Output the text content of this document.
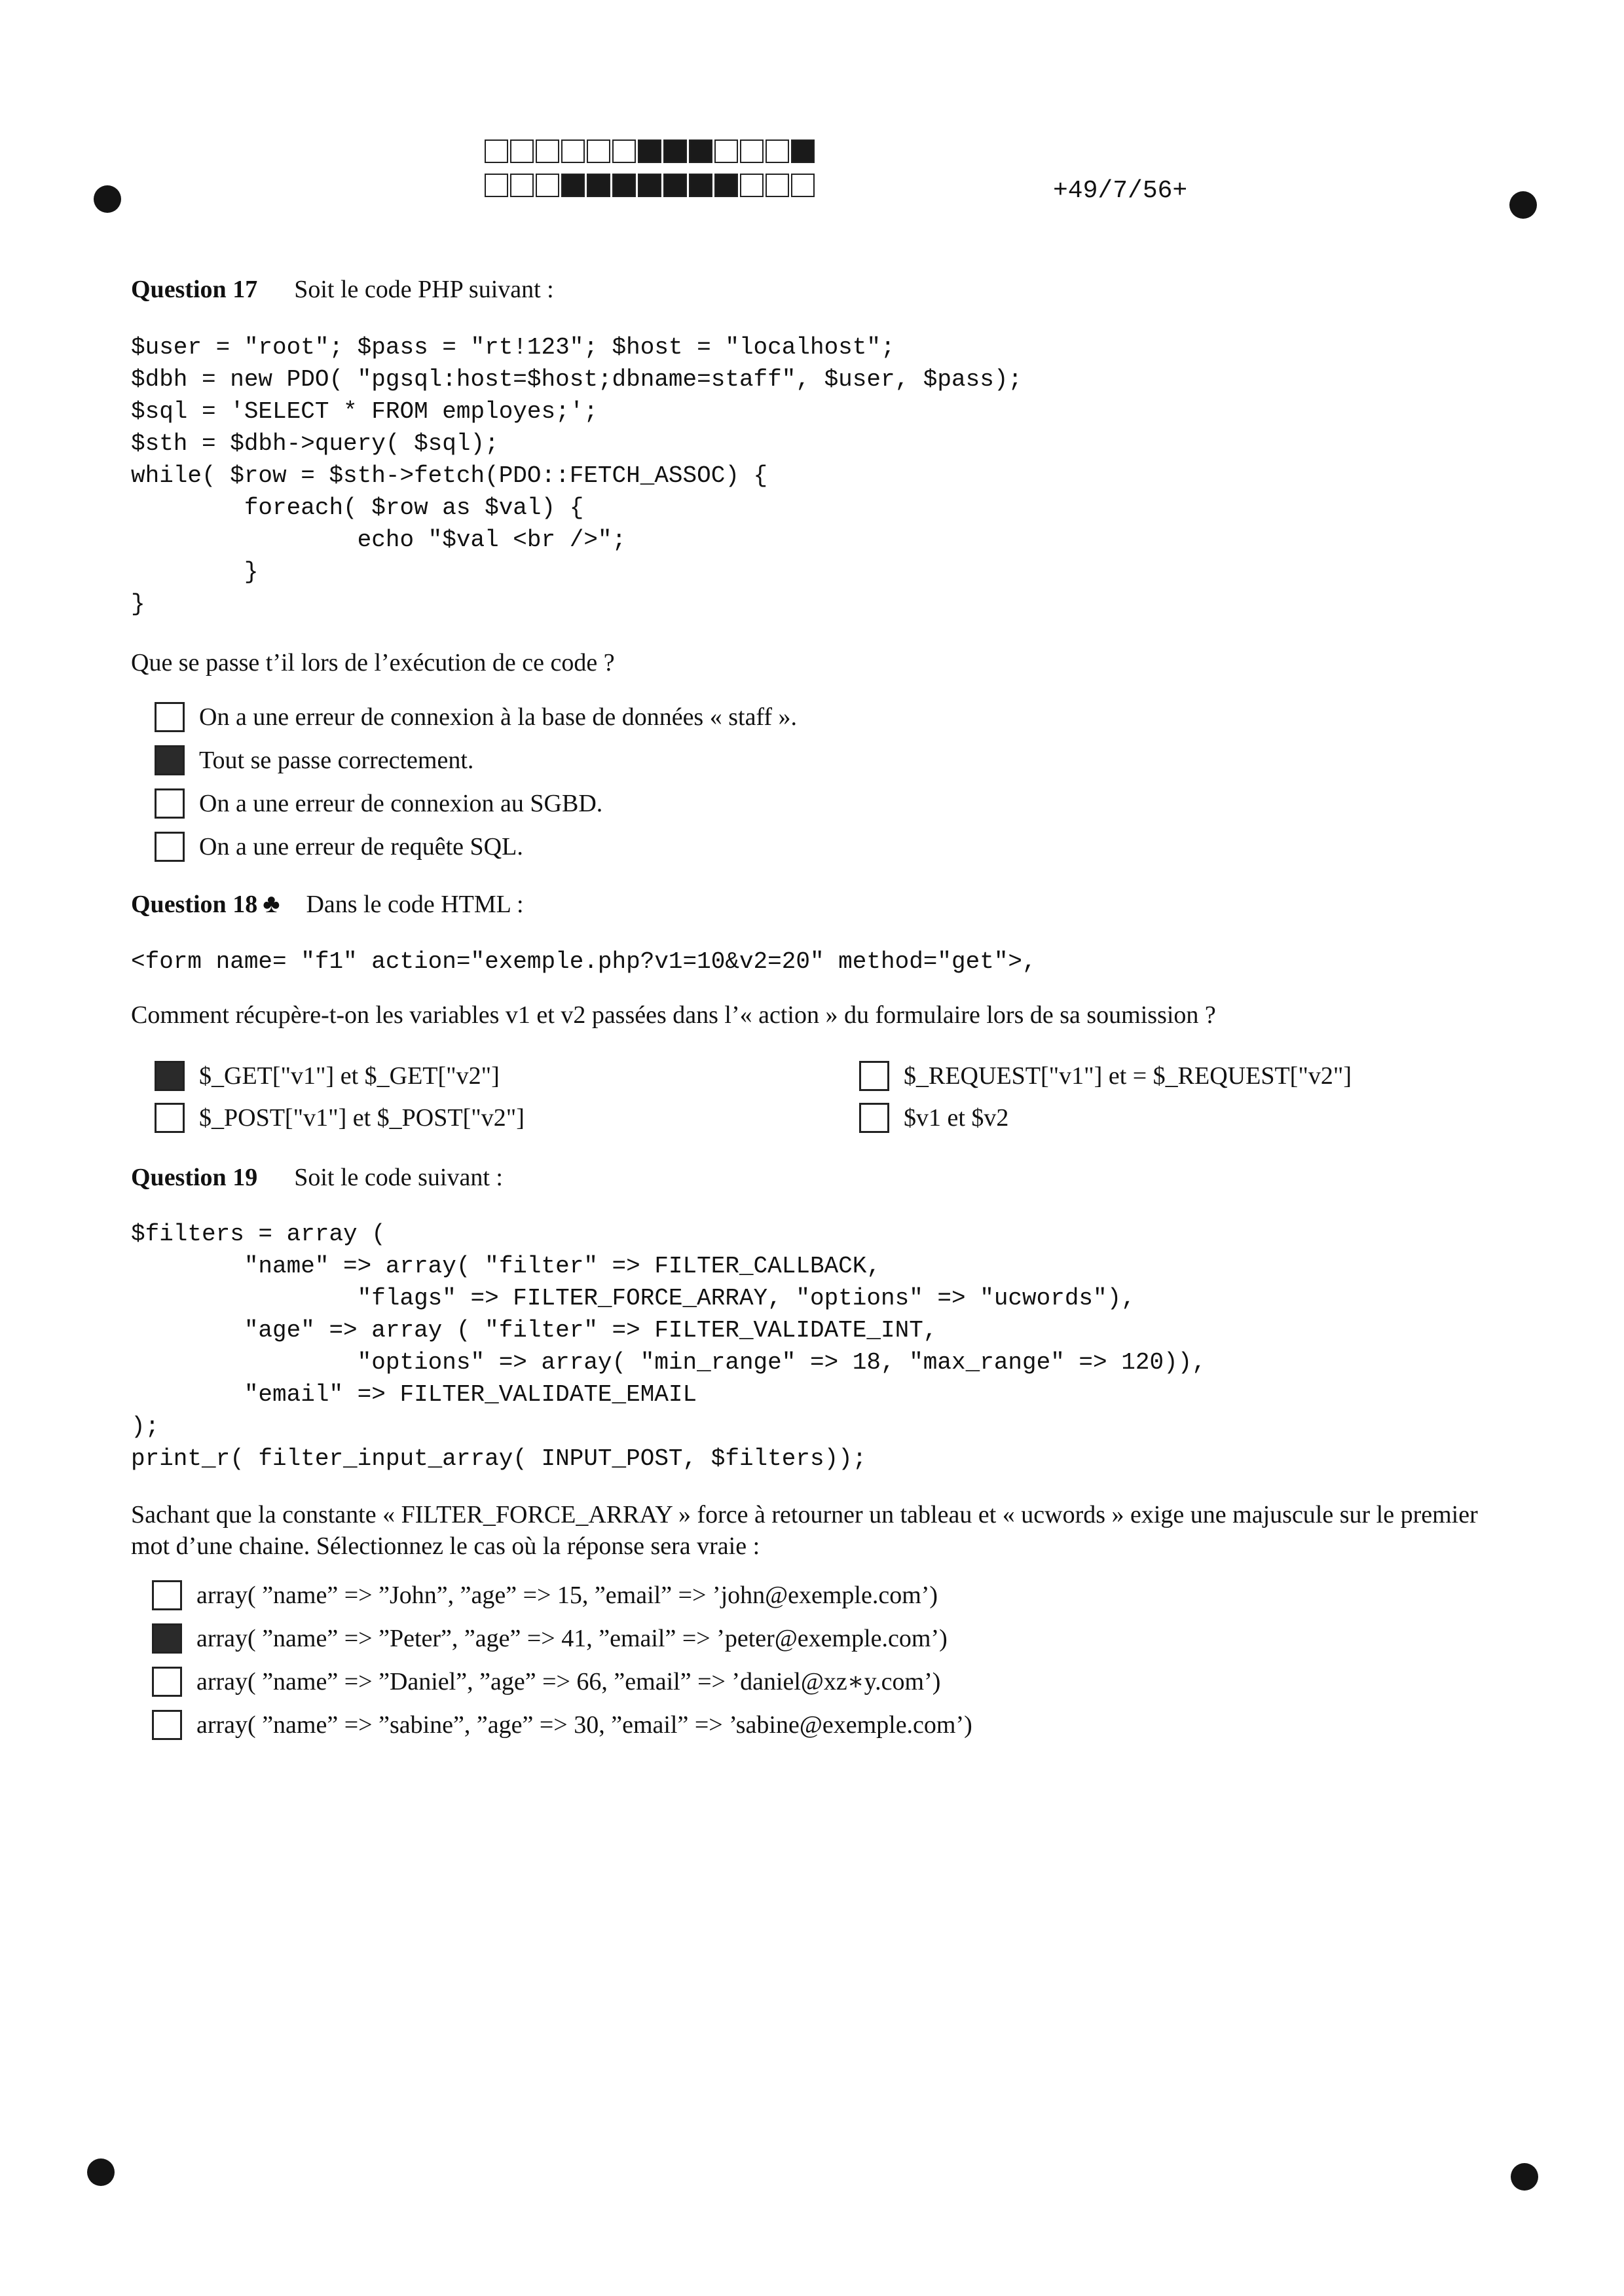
+49/7/56+
Question 17 Soit le code PHP suivant :
$user = "root"; $pass = "rt!123"; $host = "localhost";
$dbh = new PDO( "pgsql:host=$host;dbname=staff", $user, $pass);
$sql = 'SELECT * FROM employes;';
$sth = $dbh->query( $sql);
while( $row = $sth->fetch(PDO::FETCH_ASSOC) {
foreach( $row as $val) {
echo "$val <br />";
}
}

Que se passe t’il lors de l’exécution de ce code ?

On a une erreur de connexion à la base de données « staff ».
Tout se passe correctement.
On a une erreur de connexion au SGBD.
On a une erreur de requête SQL.
Question 18 ♣ Dans le code HTML :
<form name= "f1" action="exemple.php?v1=10&v2=20" method="get">,

Comment récupère-t-on les variables v1 et v2 passées dans l’« action » du formulaire lors de sa soumission ?

$_GET["v1"] et $_GET["v2"]	$_REQUEST["v1"] et = $_REQUEST["v2"]
$_POST["v1"] et $_POST["v2"]	$v1 et $v2
Question 19 Soit le code suivant :
$filters = array (
"name" => array( "filter" => FILTER_CALLBACK,
"flags" => FILTER_FORCE_ARRAY, "options" => "ucwords"),
"age" => array ( "filter" => FILTER_VALIDATE_INT,
"options" => array( "min_range" => 18, "max_range" => 120)),
"email" => FILTER_VALIDATE_EMAIL
);
print_r( filter_input_array( INPUT_POST, $filters));

Sachant que la constante « FILTER_FORCE_ARRAY » force à retourner un tableau et « ucwords » exige une majuscule sur le premier mot d’une chaine. Sélectionnez le cas où la réponse sera vraie :

array( ”name” => ”John”, ”age” => 15, ”email” => ’john@exemple.com’)
array( ”name” => ”Peter”, ”age” => 41, ”email” => ’peter@exemple.com’)
array( ”name” => ”Daniel”, ”age” => 66, ”email” => ’daniel@xz∗y.com’)
array( ”name” => ”sabine”, ”age” => 30, ”email” => ’sabine@exemple.com’)
